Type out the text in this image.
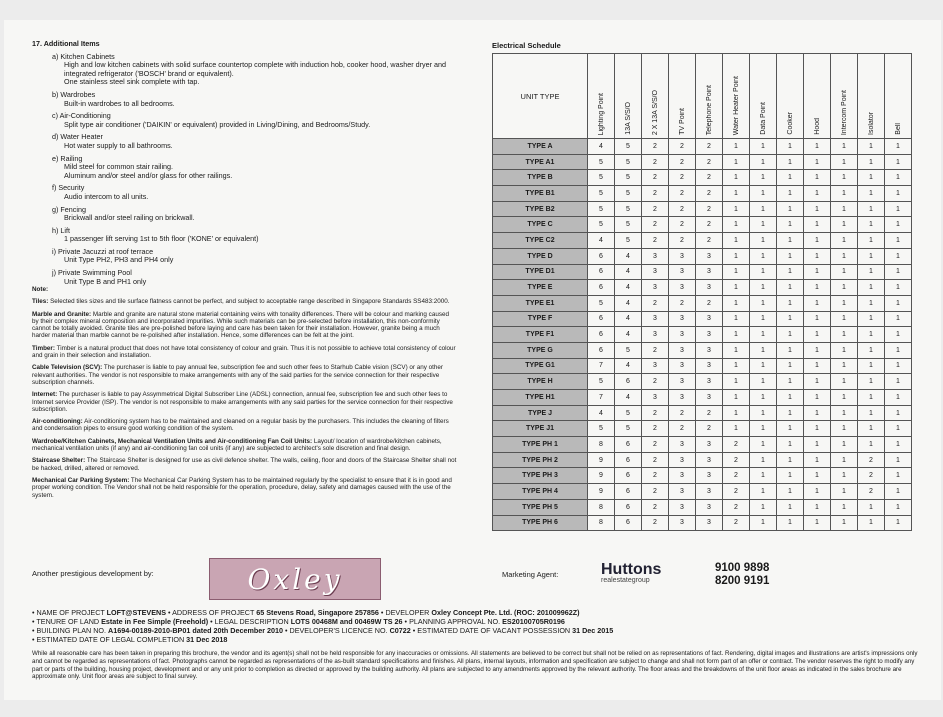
17. Additional Items
a) Kitchen Cabinets
High and low kitchen cabinets with solid surface countertop complete with induction hob, cooker hood, washer dryer and integrated refrigerator ('BOSCH' brand or equivalent).
One stainless steel sink complete with tap.
b) Wardrobes
Built-in wardrobes to all bedrooms.
c) Air-Conditioning
Split type air conditioner ('DAIKIN' or equivalent) provided in Living/Dining, and Bedrooms/Study.
d) Water Heater
Hot water supply to all bathrooms.
e) Railing
Mild steel for common stair railing.
Aluminum and/or steel and/or glass for other railings.
f) Security
Audio intercom to all units.
g) Fencing
Brickwall and/or steel railing on brickwall.
h) Lift
1 passenger lift serving 1st to 5th floor ('KONE' or equivalent)
i) Private Jacuzzi at roof terrace
Unit Type PH2, PH3 and PH4 only
j) Private Swimming Pool
Unit Type B and PH1 only

Note:

Tiles: Selected tiles sizes and tile surface flatness cannot be perfect, and subject to acceptable range described in Singapore Standards SS483:2000.

Marble and Granite: Marble and granite are natural stone material containing veins with tonality differences. There will be colour and marking caused by their complex mineral composition and incorporated impurities. While such materials can be pre-selected before installation, this non-conformity cannot be totally avoided. Granite tiles are pre-polished before laying and care has been taken for their installation. However, granite being a much harder material than marble cannot be re-polished after installation. Hence, some differences can be felt at the joint.

Timber: Timber is a natural product that does not have total consistency of colour and grain. Thus it is not possible to achieve total consistency of colour and grain in their selection and installation.

Cable Television (SCV): The purchaser is liable to pay annual fee, subscription fee and such other fees to Starhub Cable vision (SCV) or any other relevant authorities. The vendor is not responsible to make arrangements with any of the said parties for the service connection for their respective subscription channels.

Internet: The purchaser is liable to pay Assymmetrical Digital Subscriber Line (ADSL) connection, annual fee, subscription fee and such other fees to Internet service Provider (ISP). The vendor is not responsible to make arrangements with any said parties for the service connection for their respective subscription.

Air-conditioning: Air-conditioning system has to be maintained and cleaned on a regular basis by the purchasers. This includes the cleaning of filters and condensation pipes to ensure good working condition of the system.

Wardrobe/Kitchen Cabinets, Mechanical Ventilation Units and Air-conditioning Fan Coil Units: Layout/ location of wardrobe/kitchen cabinets, mechanical ventilation units (if any) and air-conditioning fan coil units (if any) are subjected to architect's sole discretion and final design.

Staircase Shelter: The Staircase Shelter is designed for use as civil defence shelter. The walls, ceiling, floor and doors of the Staircase Shelter shall not be hacked, drilled, altered or removed.

Mechanical Car Parking System: The Mechanical Car Parking System has to be maintained regularly by the specialist to ensure that it is in good and proper working condition. The Vendor shall not be held responsible for the operation, procedure, delay, safety and damages caused with the use of the system.

Electrical Schedule
UNIT TYPE	Lighting Point	13A S/S/O	2 X 13A S/S/O	TV Point	Telephone Point	Water Heater Point	Data Point	Cooker	Hood	Intercom Point	Isolator	Bell

TYPE A	4	5	2	2	2	1	1	1	1	1	1	1
TYPE A1	5	5	2	2	2	1	1	1	1	1	1	1
TYPE B	5	5	2	2	2	1	1	1	1	1	1	1
TYPE B1	5	5	2	2	2	1	1	1	1	1	1	1
TYPE B2	5	5	2	2	2	1	1	1	1	1	1	1
TYPE C	5	5	2	2	2	1	1	1	1	1	1	1
TYPE C2	4	5	2	2	2	1	1	1	1	1	1	1
TYPE D	6	4	3	3	3	1	1	1	1	1	1	1
TYPE D1	6	4	3	3	3	1	1	1	1	1	1	1
TYPE E	6	4	3	3	3	1	1	1	1	1	1	1
TYPE E1	5	4	2	2	2	1	1	1	1	1	1	1
TYPE F	6	4	3	3	3	1	1	1	1	1	1	1
TYPE F1	6	4	3	3	3	1	1	1	1	1	1	1
TYPE G	6	5	2	3	3	1	1	1	1	1	1	1
TYPE G1	7	4	3	3	3	1	1	1	1	1	1	1
TYPE H	5	6	2	3	3	1	1	1	1	1	1	1
TYPE H1	7	4	3	3	3	1	1	1	1	1	1	1
TYPE J	4	5	2	2	2	1	1	1	1	1	1	1
TYPE J1	5	5	2	2	2	1	1	1	1	1	1	1
TYPE PH 1	8	6	2	3	3	2	1	1	1	1	1	1
TYPE PH 2	9	6	2	3	3	2	1	1	1	1	2	1
TYPE PH 3	9	6	2	3	3	2	1	1	1	1	2	1
TYPE PH 4	9	6	2	3	3	2	1	1	1	1	2	1
TYPE PH 5	8	6	2	3	3	2	1	1	1	1	1	1
TYPE PH 6	8	6	2	3	3	2	1	1	1	1	1	1
Another prestigious development by:	Oxley	Marketing Agent:	Huttons
realestategroup
9100 9898
8200 9191
• NAME OF PROJECT LOFT@STEVENS • ADDRESS OF PROJECT 65 Stevens Road, Singapore 257856 • DEVELOPER Oxley Concept Pte. Ltd. (ROC: 201009962Z)
• TENURE OF LAND Estate in Fee Simple (Freehold) • LEGAL DESCRIPTION LOTS 00468M and 00469W TS 26 • PLANNING APPROVAL NO. ES20100705R0196
• BUILDING PLAN NO. A1694-00189-2010-BP01 dated 20th December 2010 • DEVELOPER'S LICENCE NO. C0722 • ESTIMATED DATE OF VACANT POSSESSION 31 Dec 2015
• ESTIMATED DATE OF LEGAL COMPLETION 31 Dec 2018
While all reasonable care has been taken in preparing this brochure, the vendor and its agent(s) shall not be held responsible for any inaccuracies or omissions. All statements are believed to be correct but shall not be relied on as representations of fact. Rendering, digital images and illustrations are artist's impressions only and cannot be regarded as representations of fact. Photographs cannot be regarded as representations of the as-built standard specifications and finishes. All plans, internal layouts, information and specification are subject to change and shall not form part of an offer or contract. The vendor reserves the right to modify any part or parts of the building, housing project, development and or any unit prior to completion as directed or approved by the building authority. All plans are subjected to any amendments approved by the relevant authority. The floor areas and the breakdowns of the unit floor areas as indicated in the sales brochure are approximate only. Unit floor areas are subject to final survey.
